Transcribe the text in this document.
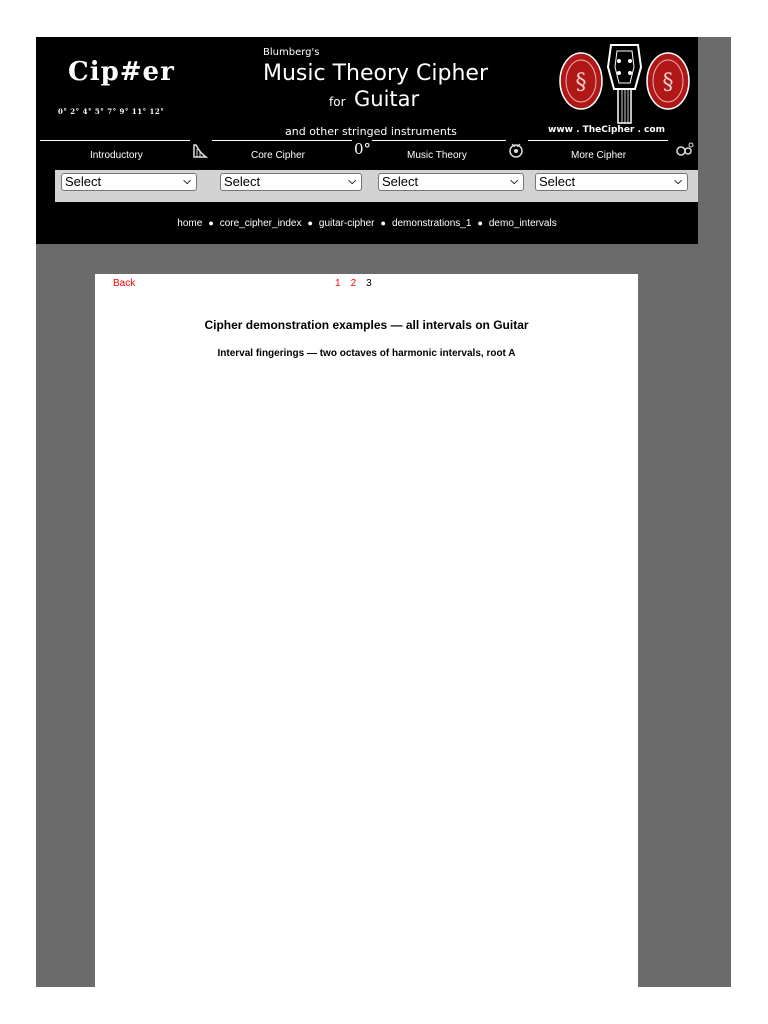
Cip#er
0° 2° 4° 5° 7° 9° 11° 12°
Blumberg's
Music Theory Cipher
for Guitar
and other stringed instruments
§	§
www . TheCipher . com
Introductory	Core Cipher	0°	Music Theory	More Cipher
Select	⌵	Select	⌵	Select	⌵	Select	⌵
home ● core_cipher_index ● guitar-cipher ● demonstrations_1 ● demo_intervals
Back	1 2 3
Cipher demonstration examples — all intervals on Guitar
Interval fingerings — two octaves of harmonic intervals, root A
